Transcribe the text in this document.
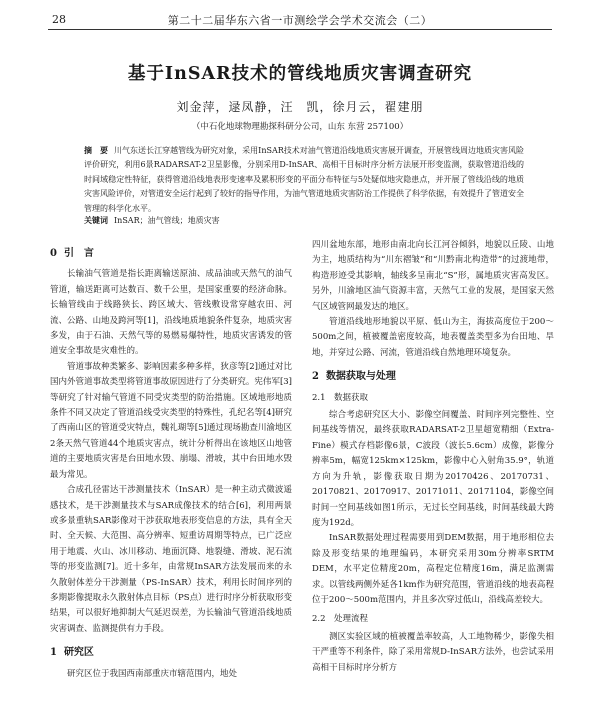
28	第二十二届华东六省一市测绘学会学术交流会（二）
基于InSAR技术的管线地质灾害调查研究
刘金萍，逯凤静，汪　凯，徐月云，翟建朋
（中石化地球物理勘探科研分公司，山东 东营 257100）
摘　要 川气东送长江穿越管线为研究对象，采用InSAR技术对油气管道沿线地质灾害展开调查，开展管线周边地质灾害风险评价研究，利用6景RADARSAT-2卫星影像，分别采用D-InSAR、高相干目标时序分析方法展开形变监测，获取管道沿线的时间域稳定性特征，获得管道沿线地表形变速率及累积形变的平面分布特征与5处疑似地灾隐患点，并开展了管线沿线的地质灾害风险评价，对管道安全运行起到了较好的指导作用，为油气管道地质灾害防治工作提供了科学依据，有效提升了管道安全管理的科学化水平。
关键词 InSAR；油气管线；地质灾害
0 引　言

长输油气管道是指长距离输送原油、成品油或天然气的油气管道，输送距离可达数百、数千公里，是国家重要的经济命脉。长输管线由于线路狭长、跨区域大、管线敷设常穿越农田、河流、公路、山地及跨河等[1]，沿线地质地貌条件复杂，地质灾害多发，由于石油、天然气等的易燃易爆特性，地质灾害诱发的管道安全事故是灾难性的。

管道事故种类繁多、影响因素多种多样，狄彦等[2]通过对比国内外管道事故类型将管道事故原因进行了分类研究。宪伟军[3]等研究了针对输气管道不同受灾类型的防治措施。区域地形地质条件不同又决定了管道沿线受灾类型的特殊性，孔纪名等[4]研究了西南山区的管道受灾特点，魏礼瑚等[5]通过现场勘查川渝地区2条天然气管道44个地质灾害点，统计分析得出在该地区山地管道的主要地质灾害是台田地水毁、崩塌、滑坡，其中台田地水毁最为常见。

合成孔径雷达干涉测量技术（InSAR）是一种主动式微波遥感技术，是干涉测量技术与SAR成像技术的结合[6]，利用两景或多景重轨SAR影像对干涉获取地表形变信息的方法，具有全天时、全天候、大范围、高分辨率、短重访周期等特点，已广泛应用于地震、火山、冰川移动、地面沉降、地裂缝、滑坡、泥石流等的形变监测[7]。近十多年，由常规InSAR方法发展而来的永久散射体差分干涉测量（PS-InSAR）技术，利用长时间序列的多期影像提取永久散射体点目标（PS点）进行时序分析获取形变结果，可以很好地抑制大气延迟误差，为长输油气管道沿线地质灾害调查、监测提供有力手段。

1 研究区

研究区位于我国西南部重庆市辖范围内，地处

四川盆地东部，地形由南北向长江河谷倾斜，地貌以丘陵、山地为主，地质结构为“川东褶皱”和“川黔南北构造带”的过渡地带，构造形迹受其影响，轴线多呈南北“S”形，属地质灾害高发区。另外，川渝地区油气资源丰富，天然气工业的发展，是国家天然气区域管网最发达的地区。

管道沿线地形地貌以平原、低山为主，海拔高度位于200～500m之间，植被覆盖密度较高，地表覆盖类型多为台田地、旱地，并穿过公路、河流，管道沿线自然地理环境复杂。

2 数据获取与处理
2.1　数据获取

综合考虑研究区大小、影像空间覆盖、时间序列完整性、空间基线等情况，最终获取RADARSAT-2卫星超宽精细（Extra-Fine）模式存档影像6景，C波段（波长5.6cm）成像，影像分辨率5m，幅宽125km×125km，影像中心入射角35.9°，轨道方向为升轨，影像获取日期为20170426、20170731、20170821、20170917、20171011、20171104，影像空间时间一空间基线如图1所示，无过长空间基线，时间基线最大跨度为192d。

InSAR数据处理过程需要用到DEM数据，用于地形相位去除及形变结果的地理编码，本研究采用30m分辨率SRTM DEM，水平定位精度20m，高程定位精度16m，满足监测需求。以管线两侧外延各1km作为研究范围，管道沿线的地表高程位于200～500m范围内，并且多次穿过低山，沿线高差较大。

2.2　处理流程

测区实验区域的植被覆盖率较高，人工地物稀少，影像失相干严重等不利条件，除了采用常规D-InSAR方法外，也尝试采用高相干目标时序分析方
